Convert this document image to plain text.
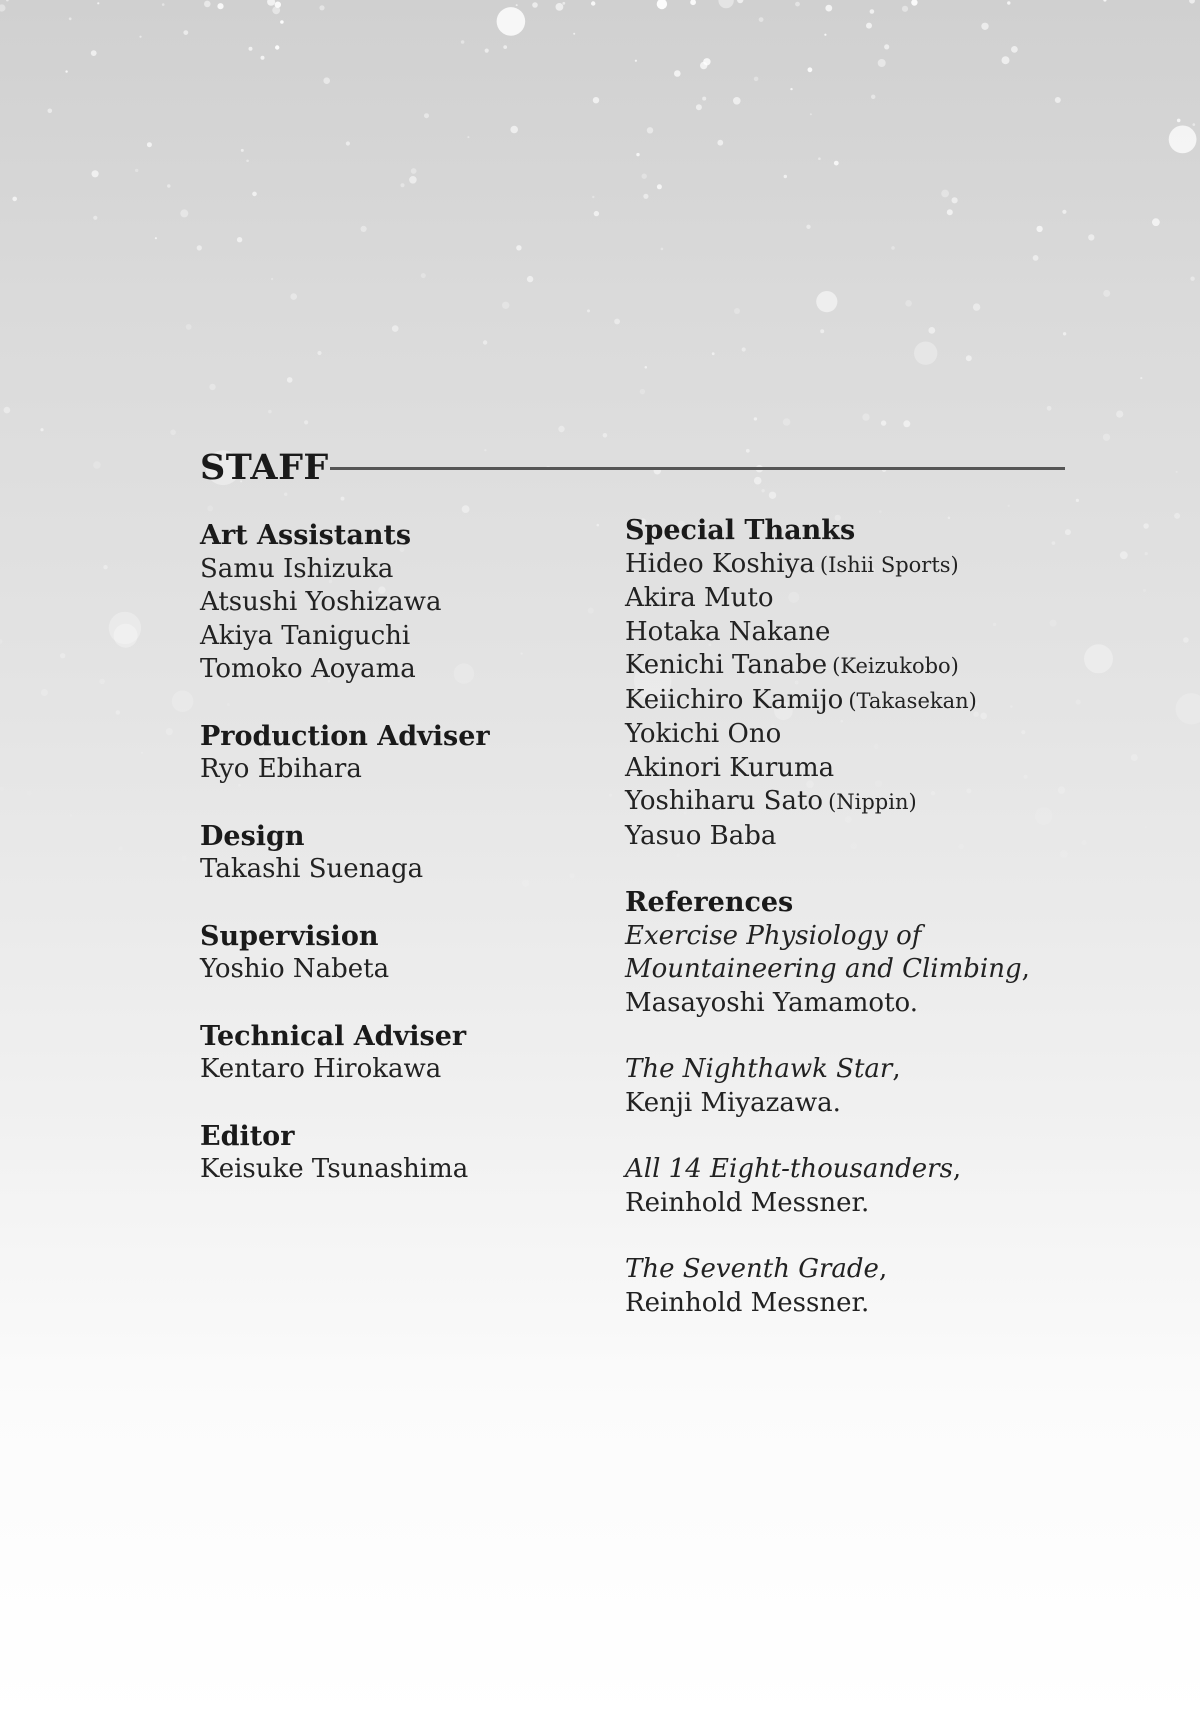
STAFF

Art Assistants

Samu Ishizuka

Atsushi Yoshizawa

Akiya Taniguchi

Tomoko Aoyama

Production Adviser

Ryo Ebihara

Design

Takashi Suenaga

Supervision

Yoshio Nabeta

Technical Adviser

Kentaro Hirokawa

Editor

Keisuke Tsunashima

Special Thanks

Hideo Koshiya (Ishii Sports)

Akira Muto

Hotaka Nakane

Kenichi Tanabe (Keizukobo)

Keiichiro Kamijo (Takasekan)

Yokichi Ono

Akinori Kuruma

Yoshiharu Sato (Nippin)

Yasuo Baba

References

Exercise Physiology of

Mountaineering and Climbing,

Masayoshi Yamamoto.

The Nighthawk Star,

Kenji Miyazawa.

All 14 Eight-thousanders,

Reinhold Messner.

The Seventh Grade,

Reinhold Messner.
